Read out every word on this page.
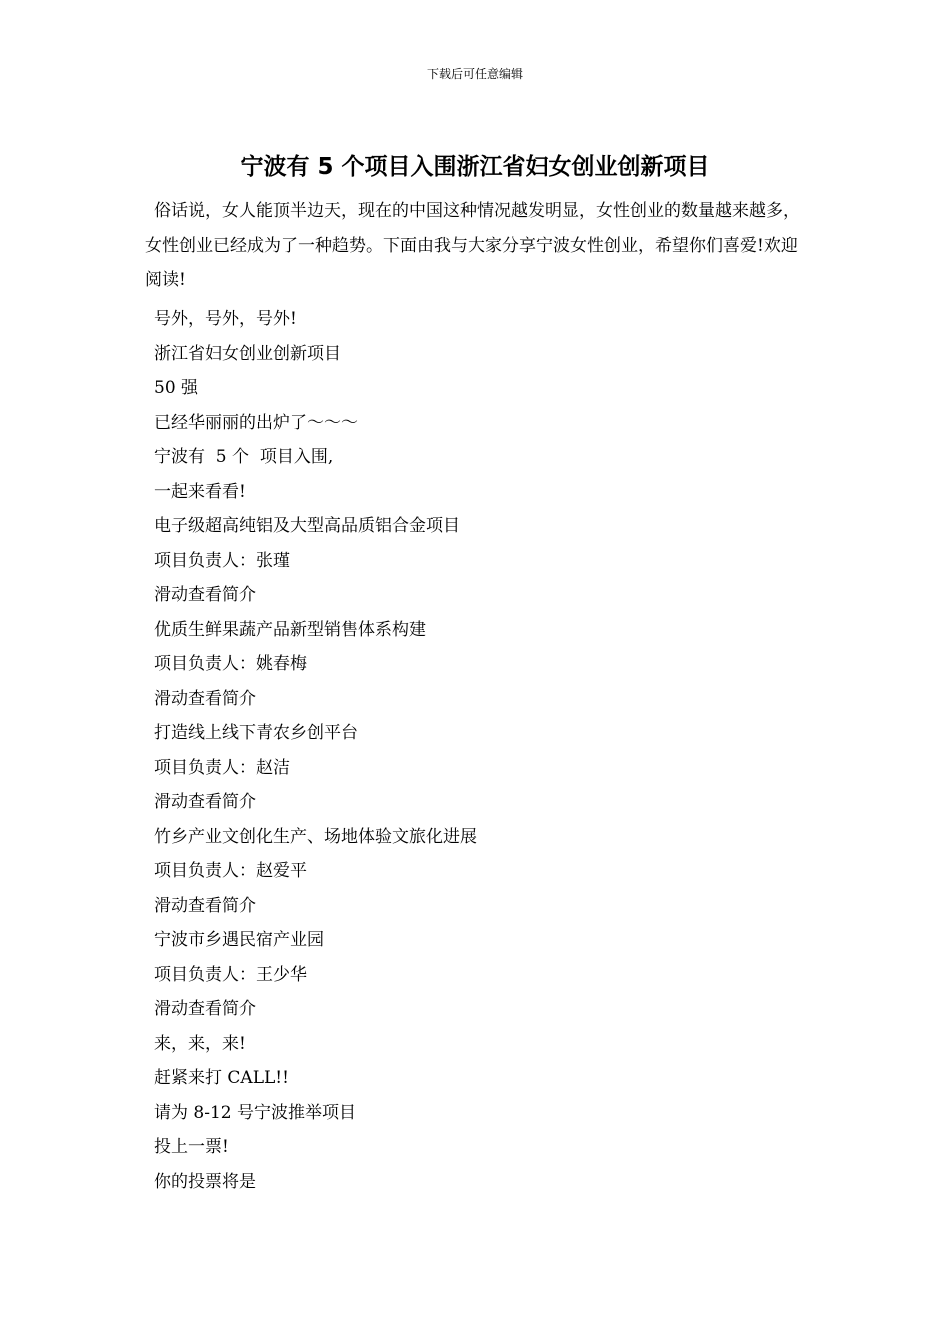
下载后可任意编辑
宁波有 5 个项目入围浙江省妇女创业创新项目

俗话说，女人能顶半边天，现在的中国这种情况越发明显，女性创业的数量越来越多，女性创业已经成为了一种趋势。下面由我与大家分享宁波女性创业，希望你们喜爱!欢迎阅读!

号外，号外，号外!
浙江省妇女创业创新项目
50 强
已经华丽丽的出炉了～～～
宁波有  5 个  项目入围,
一起来看看!
电子级超高纯铝及大型高品质铝合金项目
项目负责人：张瑾
滑动查看简介
优质生鲜果蔬产品新型销售体系构建
项目负责人：姚春梅
滑动查看简介
打造线上线下青农乡创平台
项目负责人：赵洁
滑动查看简介
竹乡产业文创化生产、场地体验文旅化进展
项目负责人：赵爱平
滑动查看简介
宁波市乡遇民宿产业园
项目负责人：王少华
滑动查看简介
来，来，来!
赶紧来打 CALL!!
请为 8-12 号宁波推举项目
投上一票!
你的投票将是
